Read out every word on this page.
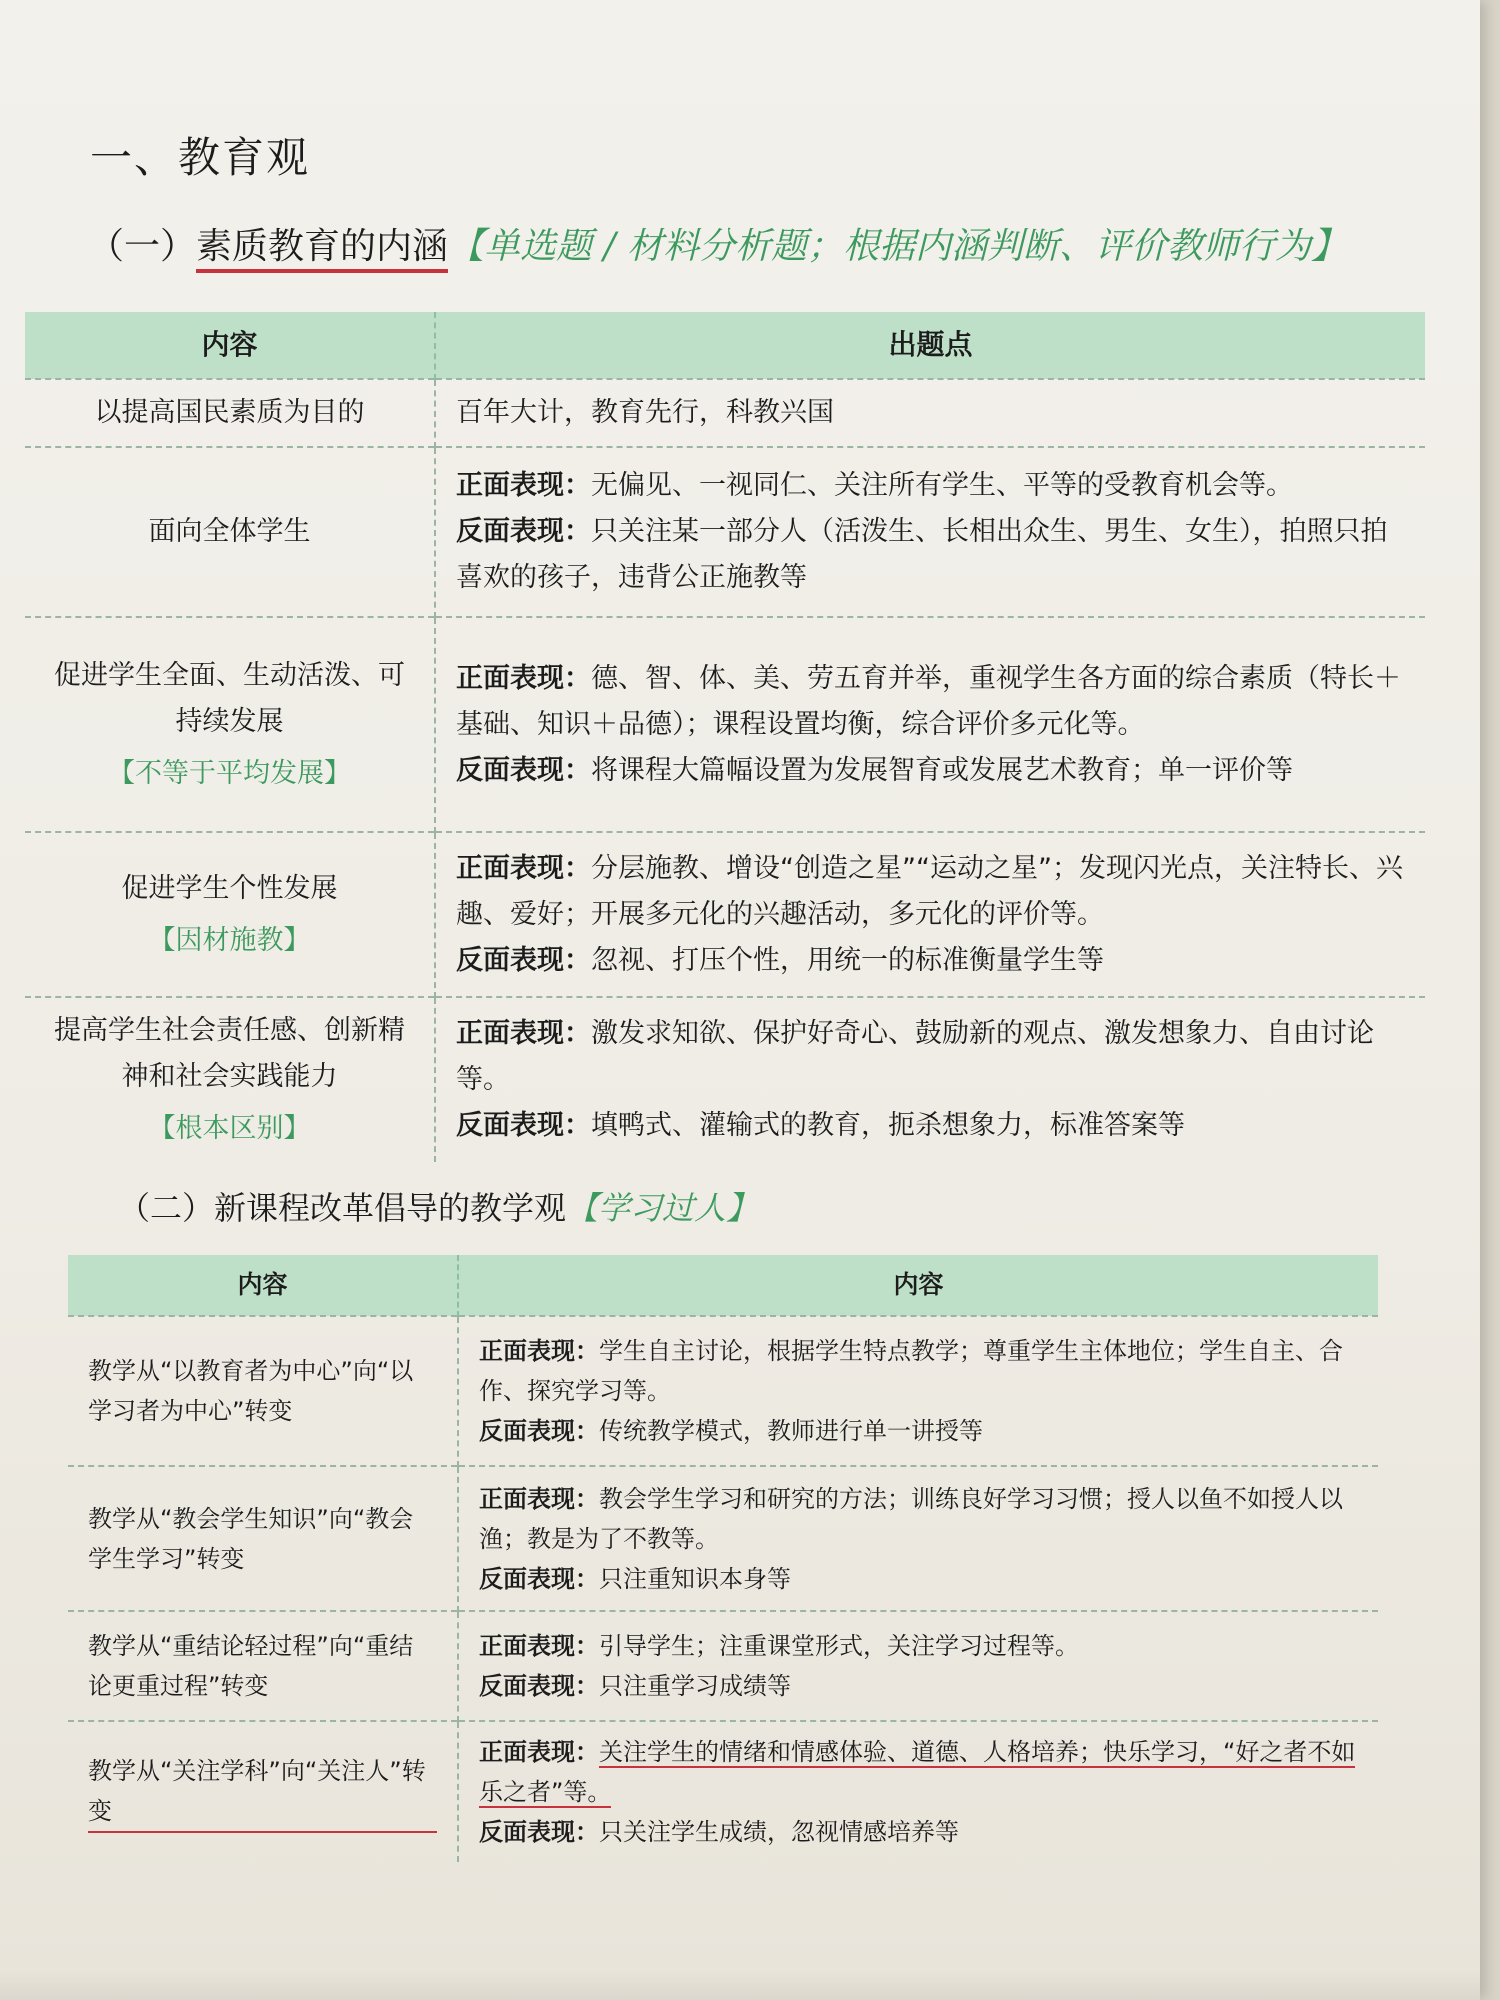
一、教育观
（一）素质教育的内涵【单选题 / 材料分析题；根据内涵判断、评价教师行为】
内容	出题点

以提高国民素质为目的	百年大计，教育先行，科教兴国

面向全体学生	正面表现：无偏见、一视同仁、关注所有学生、平等的受教育机会等。
反面表现：只关注某一部分人（活泼生、长相出众生、男生、女生），拍照只拍喜欢的孩子，违背公正施教等

促进学生全面、生动活泼、可持续发展
【不等于平均发展】	正面表现：德、智、体、美、劳五育并举，重视学生各方面的综合素质（特长＋基础、知识＋品德）；课程设置均衡，综合评价多元化等。
反面表现：将课程大篇幅设置为发展智育或发展艺术教育；单一评价等

促进学生个性发展
【因材施教】	正面表现：分层施教、增设“创造之星”“运动之星”；发现闪光点，关注特长、兴趣、爱好；开展多元化的兴趣活动，多元化的评价等。
反面表现：忽视、打压个性，用统一的标准衡量学生等

提高学生社会责任感、创新精神和社会实践能力
【根本区别】	正面表现：激发求知欲、保护好奇心、鼓励新的观点、激发想象力、自由讨论等。
反面表现：填鸭式、灌输式的教育，扼杀想象力，标准答案等
（二）新课程改革倡导的教学观【学习过人】
内容	内容

教学从“以教育者为中心”向“以学习者为中心”转变	正面表现：学生自主讨论，根据学生特点教学；尊重学生主体地位；学生自主、合作、探究学习等。
反面表现：传统教学模式，教师进行单一讲授等

教学从“教会学生知识”向“教会学生学习”转变	正面表现：教会学生学习和研究的方法；训练良好学习习惯；授人以鱼不如授人以渔；教是为了不教等。
反面表现：只注重知识本身等

教学从“重结论轻过程”向“重结论更重过程”转变	正面表现：引导学生；注重课堂形式，关注学习过程等。
反面表现：只注重学习成绩等

教学从“关注学科”向“关注人”转变	正面表现：关注学生的情绪和情感体验、道德、人格培养；快乐学习，“好之者不如乐之者”等。
反面表现：只关注学生成绩，忽视情感培养等
